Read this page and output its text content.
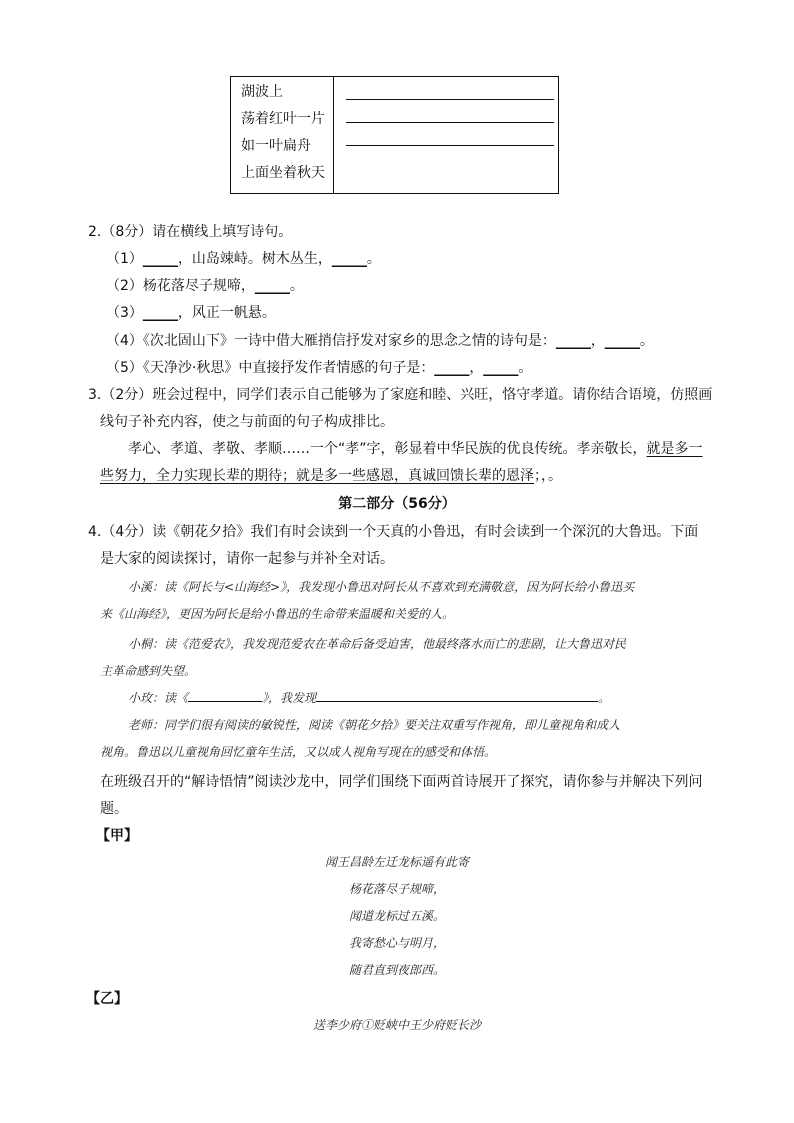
湖波上
荡着红叶一片
如一叶扁舟
上面坐着秋天

2.（8分）请在横线上填写诗句。
（1）_____，山岛竦峙。树木丛生，_____。
（2）杨花落尽子规啼，_____。
（3）_____，风正一帆悬。
（4）《次北固山下》一诗中借大雁捎信抒发对家乡的思念之情的诗句是：_____，_____。
（5）《天净沙·秋思》中直接抒发作者情感的句子是：_____，_____。
3.（2分）班会过程中，同学们表示自己能够为了家庭和睦、兴旺，恪守孝道。请你结合语境，仿照画
线句子补充内容，使之与前面的句子构成排比。
孝心、孝道、孝敬、孝顺……一个“孝”字，彰显着中华民族的优良传统。孝亲敬长，就是多一
些努力，全力实现长辈的期待；就是多一些感恩，真诚回馈长辈的恩泽；，。
第二部分（56分）
4.（4分）读《朝花夕拾》我们有时会读到一个天真的小鲁迅，有时会读到一个深沉的大鲁迅。下面
是大家的阅读探讨，请你一起参与并补全对话。
小溪：读《阿长与<山海经>》，我发现小鲁迅对阿长从不喜欢到充满敬意，因为阿长给小鲁迅买
来《山海经》，更因为阿长是给小鲁迅的生命带来温暖和关爱的人。
小桐：读《范爱农》，我发现范爱农在革命后备受迫害，他最终落水而亡的悲剧，让大鲁迅对民
主革命感到失望。
小玫：读《	》，我发现	。
老师：同学们很有阅读的敏锐性，阅读《朝花夕拾》要关注双重写作视角，即儿童视角和成人
视角。鲁迅以儿童视角回忆童年生活，又以成人视角写现在的感受和体悟。
在班级召开的“解诗悟情”阅读沙龙中，同学们围绕下面两首诗展开了探究，请你参与并解决下列问
题。
【甲】
闻王昌龄左迁龙标遥有此寄
杨花落尽子规啼，
闻道龙标过五溪。
我寄愁心与明月，
随君直到夜郎西。
【乙】
送李少府①贬峡中王少府贬长沙
